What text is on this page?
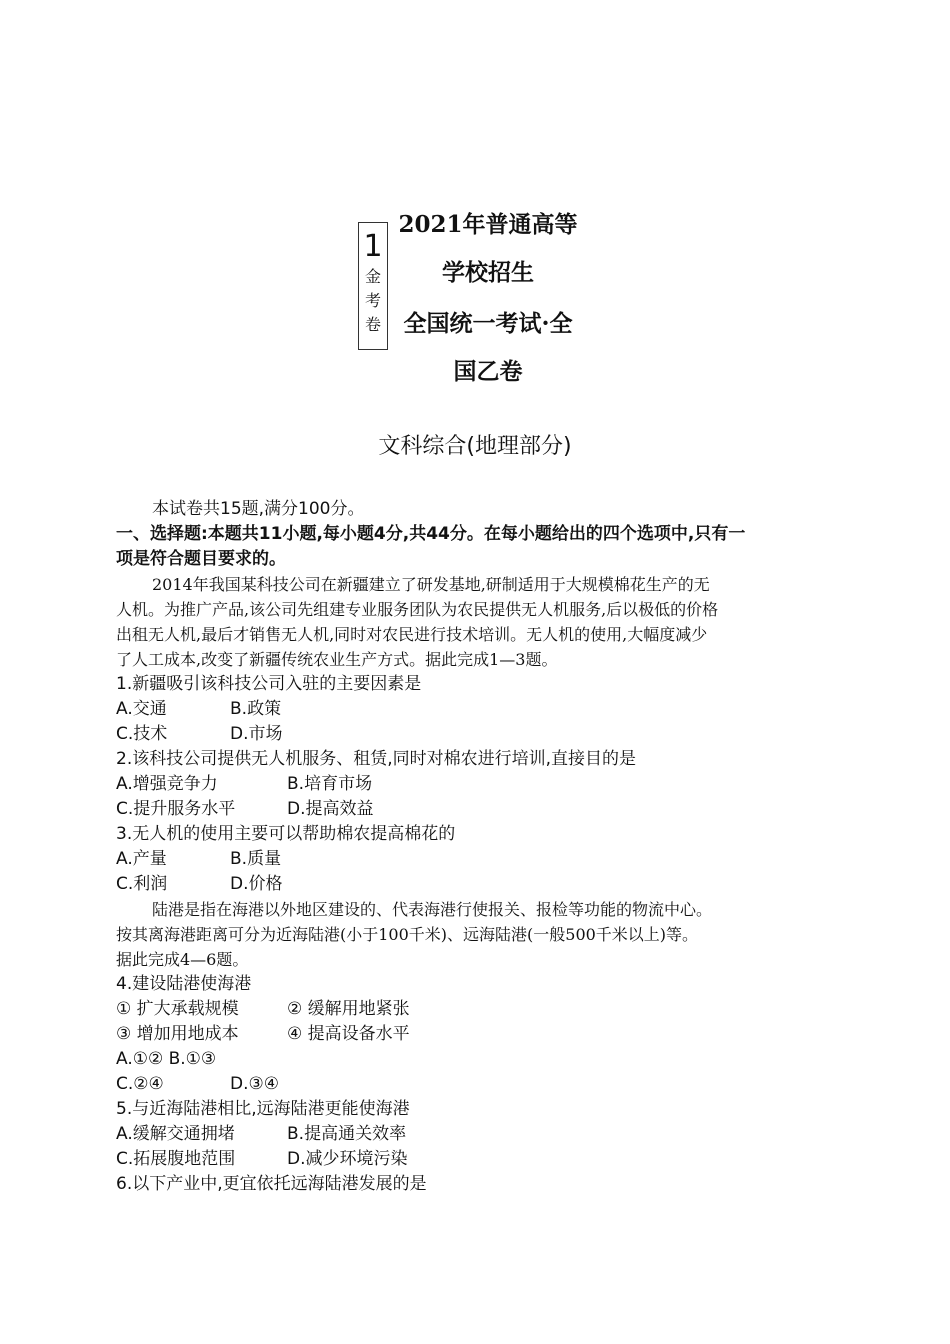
1
金
考
卷
2021年普通高等
学校招生
全国统一考试·全
国乙卷
文科综合(地理部分)
本试卷共15题,满分100分。
一、选择题:本题共11小题,每小题4分,共44分。在每小题给出的四个选项中,只有一
项是符合题目要求的。
2014年我国某科技公司在新疆建立了研发基地,研制适用于大规模棉花生产的无
人机。为推广产品,该公司先组建专业服务团队为农民提供无人机服务,后以极低的价格
出租无人机,最后才销售无人机,同时对农民进行技术培训。无人机的使用,大幅度减少
了人工成本,改变了新疆传统农业生产方式。据此完成1—3题。
1.新疆吸引该科技公司入驻的主要因素是
A.交通	B.政策
C.技术	D.市场
2.该科技公司提供无人机服务、租赁,同时对棉农进行培训,直接目的是
A.增强竞争力	B.培育市场
C.提升服务水平	D.提高效益
3.无人机的使用主要可以帮助棉农提高棉花的
A.产量	B.质量
C.利润	D.价格
陆港是指在海港以外地区建设的、代表海港行使报关、报检等功能的物流中心。
按其离海港距离可分为近海陆港(小于100千米)、远海陆港(一般500千米以上)等。
据此完成4—6题。
4.建设陆港使海港
① 扩大承载规模	② 缓解用地紧张
③ 增加用地成本	④ 提高设备水平
A.①② B.①③
C.②④	D.③④
5.与近海陆港相比,远海陆港更能使海港
A.缓解交通拥堵	B.提高通关效率
C.拓展腹地范围	D.减少环境污染
6.以下产业中,更宜依托远海陆港发展的是
